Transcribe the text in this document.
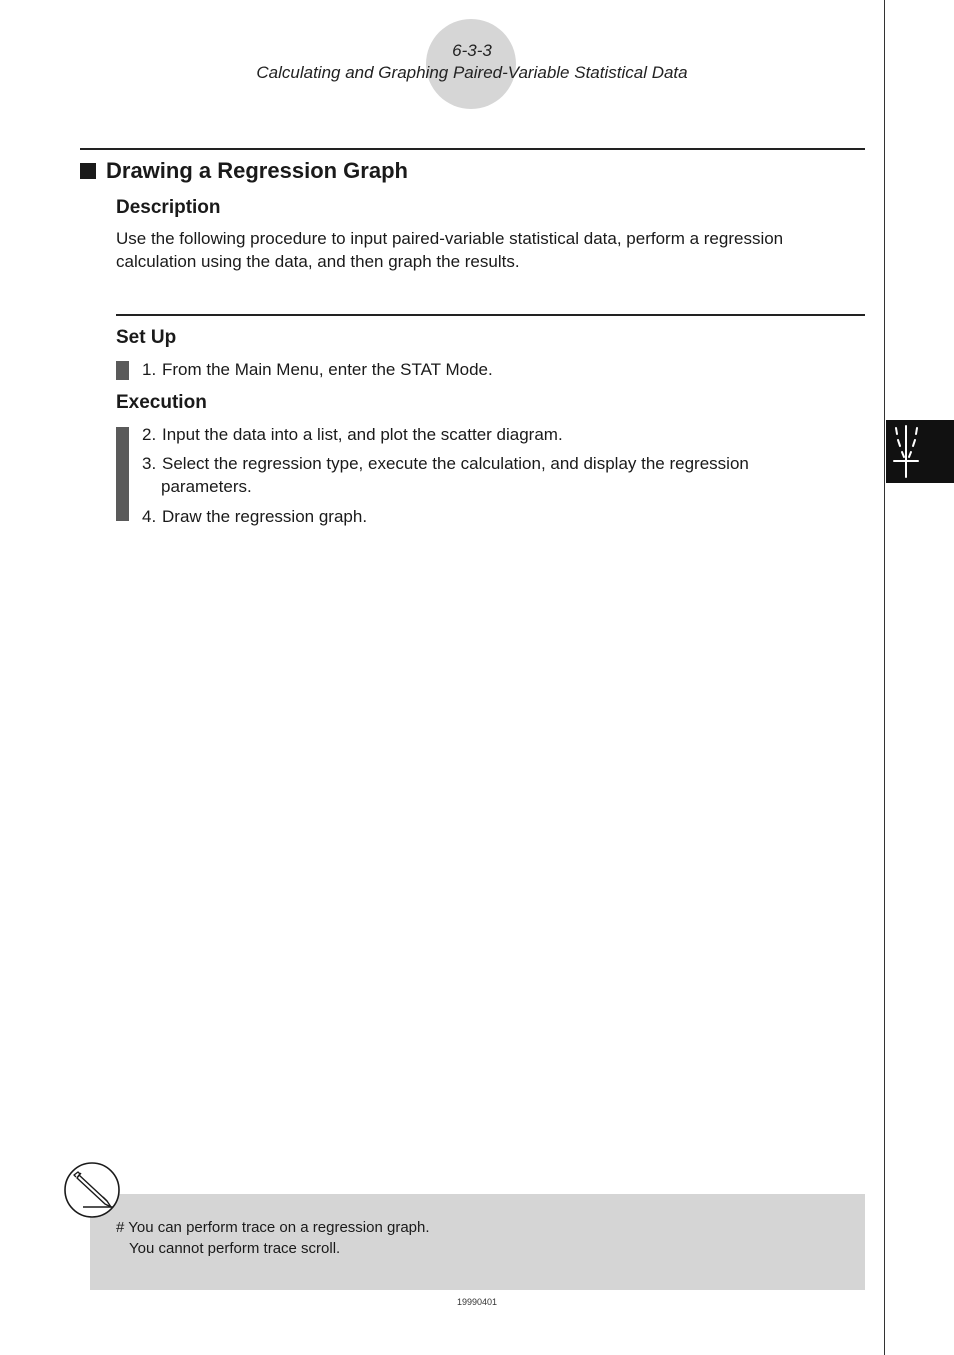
6-3-3
Calculating and Graphing Paired-Variable Statistical Data
Drawing a Regression Graph
Description
Use the following procedure to input paired-variable statistical data, perform a regression
calculation using the data, and then graph the results.
Set Up
1. From the Main Menu, enter the STAT Mode.
Execution
2. Input the data into a list, and plot the scatter diagram.
3. Select the regression type, execute the calculation, and display the regression
parameters.
4. Draw the regression graph.
# You can perform trace on a regression graph.
You cannot perform trace scroll.
19990401
